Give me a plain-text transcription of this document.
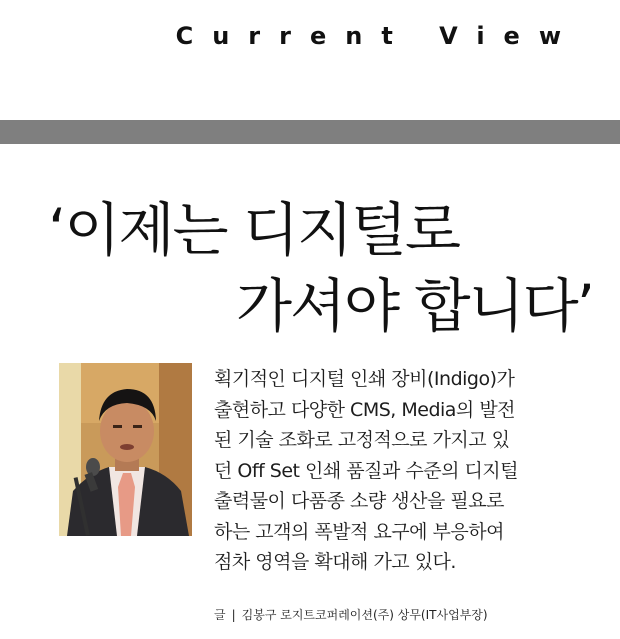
Current View
‘이제는 디지털로
가셔야 합니다’
획기적인 디지털 인쇄 장비(Indigo)가
출현하고 다양한 CMS, Media의 발전
된 기술 조화로 고정적으로 가지고 있
던 Off Set 인쇄 품질과 수준의 디지털
출력물이 다품종 소량 생산을 필요로
하는 고객의 폭발적 요구에 부응하여
점차 영역을 확대해 가고 있다.
글 | 김봉구 로지트코퍼레이션(주) 상무(IT사업부장)
